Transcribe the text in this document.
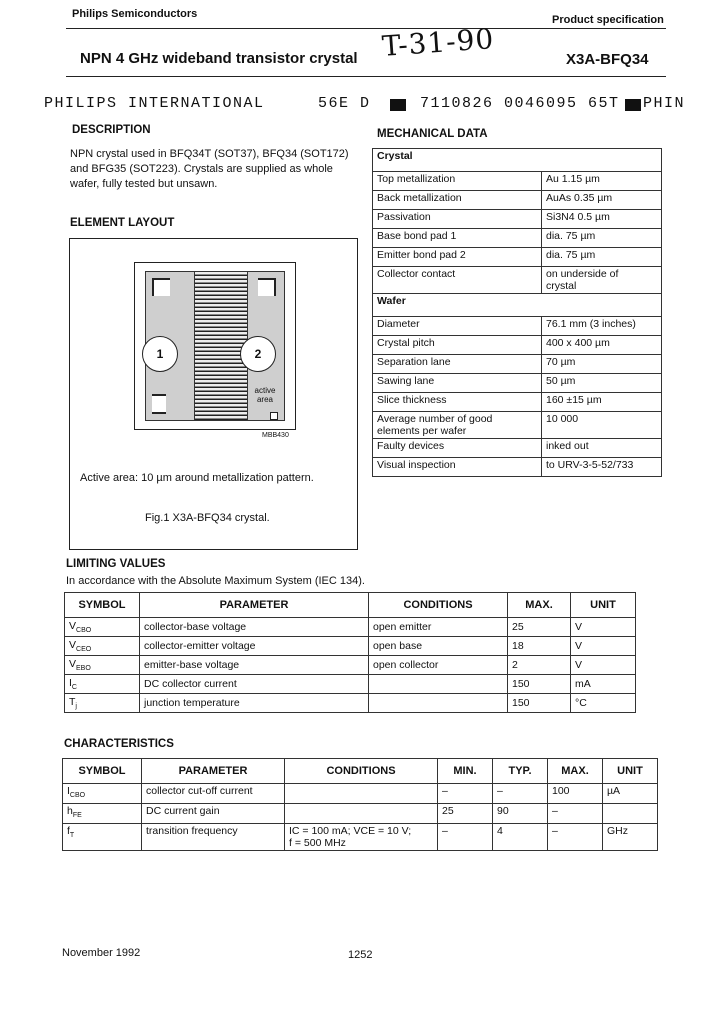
Philips Semiconductors	Product specification
NPN 4 GHz wideband transistor crystal T-31-90	X3A-BFQ34
PHILIPS INTERNATIONAL	56E D	7110826 0046095 65T PHIN
DESCRIPTION
NPN crystal used in BFQ34T (SOT37), BFQ34 (SOT172)
and BFG35 (SOT223). Crystals are supplied as whole
wafer, fully tested but unsawn.
ELEMENT LAYOUT
1	2
active
area
MBB430
Active area: 10 µm around metallization pattern.
Fig.1 X3A-BFQ34 crystal.
MECHANICAL DATA
Crystal	
Top metallization	Au 1.15 µm
Back metallization	AuAs 0.35 µm
Passivation	Si3N4 0.5 µm
Base bond pad 1	dia. 75 µm
Emitter bond pad 2	dia. 75 µm
Collector contact	on underside of
crystal

Wafer	
Diameter	76.1 mm (3 inches)
Crystal pitch	400 x 400 µm
Separation lane	70 µm
Sawing lane	50 µm
Slice thickness	160 ±15 µm

Average number of good
elements per wafer	10 000
Faulty devices	inked out
Visual inspection	to URV-3-5-52/733
LIMITING VALUES
In accordance with the Absolute Maximum System (IEC 134).
SYMBOL	PARAMETER	CONDITIONS	MAX.	UNIT
$V_{CBO}$	collector-base voltage	open emitter	25	V
$V_{CEO}$	collector-emitter voltage	open base	18	V
$V_{EBO}$	emitter-base voltage	open collector	2	V
$I_C$	DC collector current		150	mA
$T_j$	junction temperature		150	°C
CHARACTERISTICS
SYMBOL	PARAMETER	CONDITIONS	MIN.	TYP.	MAX.	UNIT
$I_{CBO}$	collector cut-off current		–	–	100	µA
$h_{FE}$	DC current gain		25	90	–	
$f_T$	transition frequency	IC = 100 mA; VCE = 10 V;
f = 500 MHz	–	4	–	GHz
November 1992	1252
